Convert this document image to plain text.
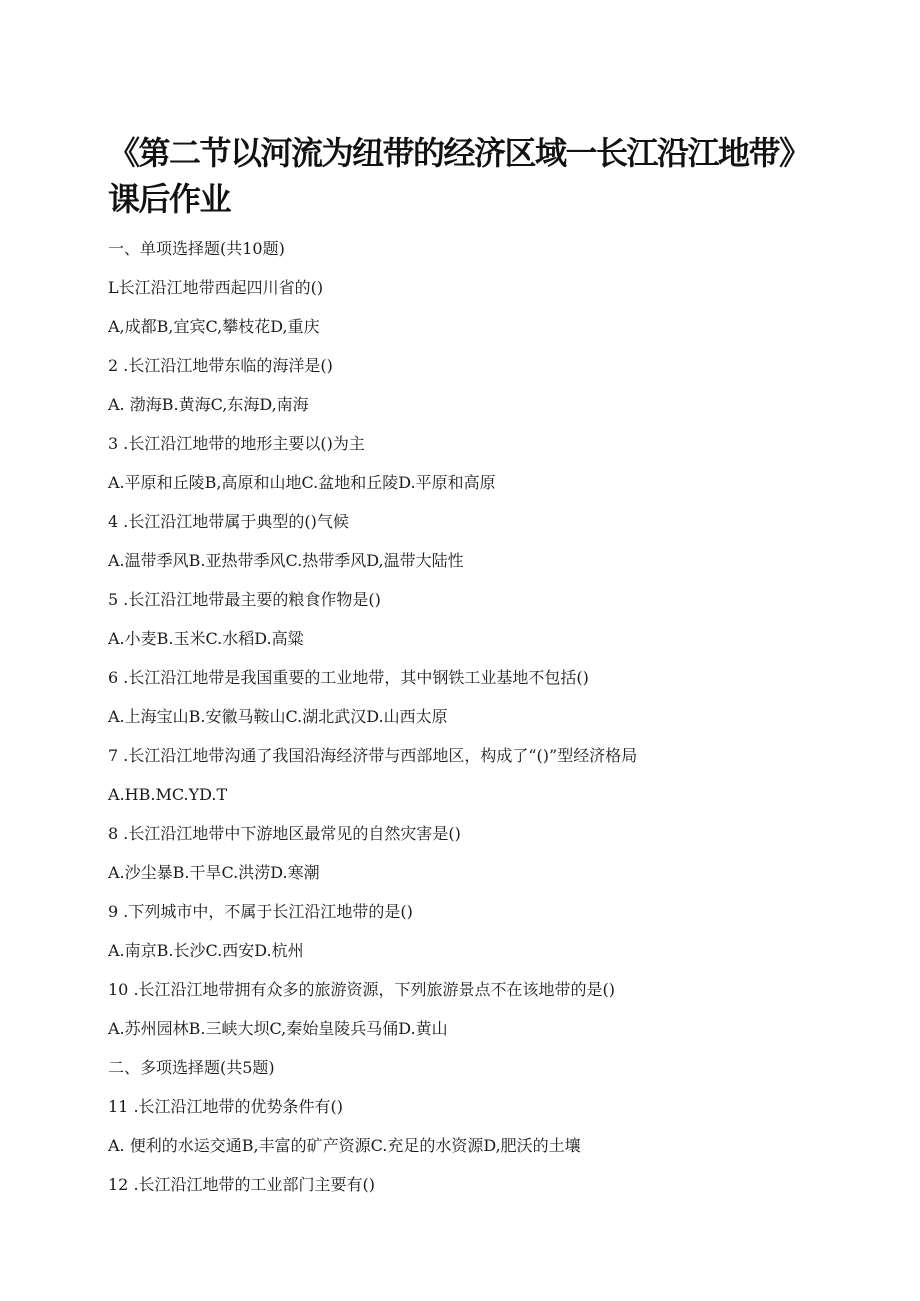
《第二节以河流为纽带的经济区域一长江沿江地带》课后作业
一、单项选择题(共10题)
L长江沿江地带西起四川省的()
A,成都B,宜宾C,攀枝花D,重庆
2 .长江沿江地带东临的海洋是()
A. 渤海B.黄海C,东海D,南海
3 .长江沿江地带的地形主要以()为主
A.平原和丘陵B,高原和山地C.盆地和丘陵D.平原和高原
4 .长江沿江地带属于典型的()气候
A.温带季风B.亚热带季风C.热带季风D,温带大陆性
5 .长江沿江地带最主要的粮食作物是()
A.小麦B.玉米C.水稻D.高粱
6 .长江沿江地带是我国重要的工业地带，其中钢铁工业基地不包括()
A.上海宝山B.安徽马鞍山C.湖北武汉D.山西太原
7 .长江沿江地带沟通了我国沿海经济带与西部地区，构成了“()”型经济格局
A.HB.MC.YD.T
8 .长江沿江地带中下游地区最常见的自然灾害是()
A.沙尘暴B.干旱C.洪涝D.寒潮
9 .下列城市中，不属于长江沿江地带的是()
A.南京B.长沙C.西安D.杭州
10 .长江沿江地带拥有众多的旅游资源，下列旅游景点不在该地带的是()
A.苏州园林B.三峡大坝C,秦始皇陵兵马俑D.黄山
二、多项选择题(共5题)
11 .长江沿江地带的优势条件有()
A. 便利的水运交通B,丰富的矿产资源C.充足的水资源D,肥沃的土壤
12 .长江沿江地带的工业部门主要有()
